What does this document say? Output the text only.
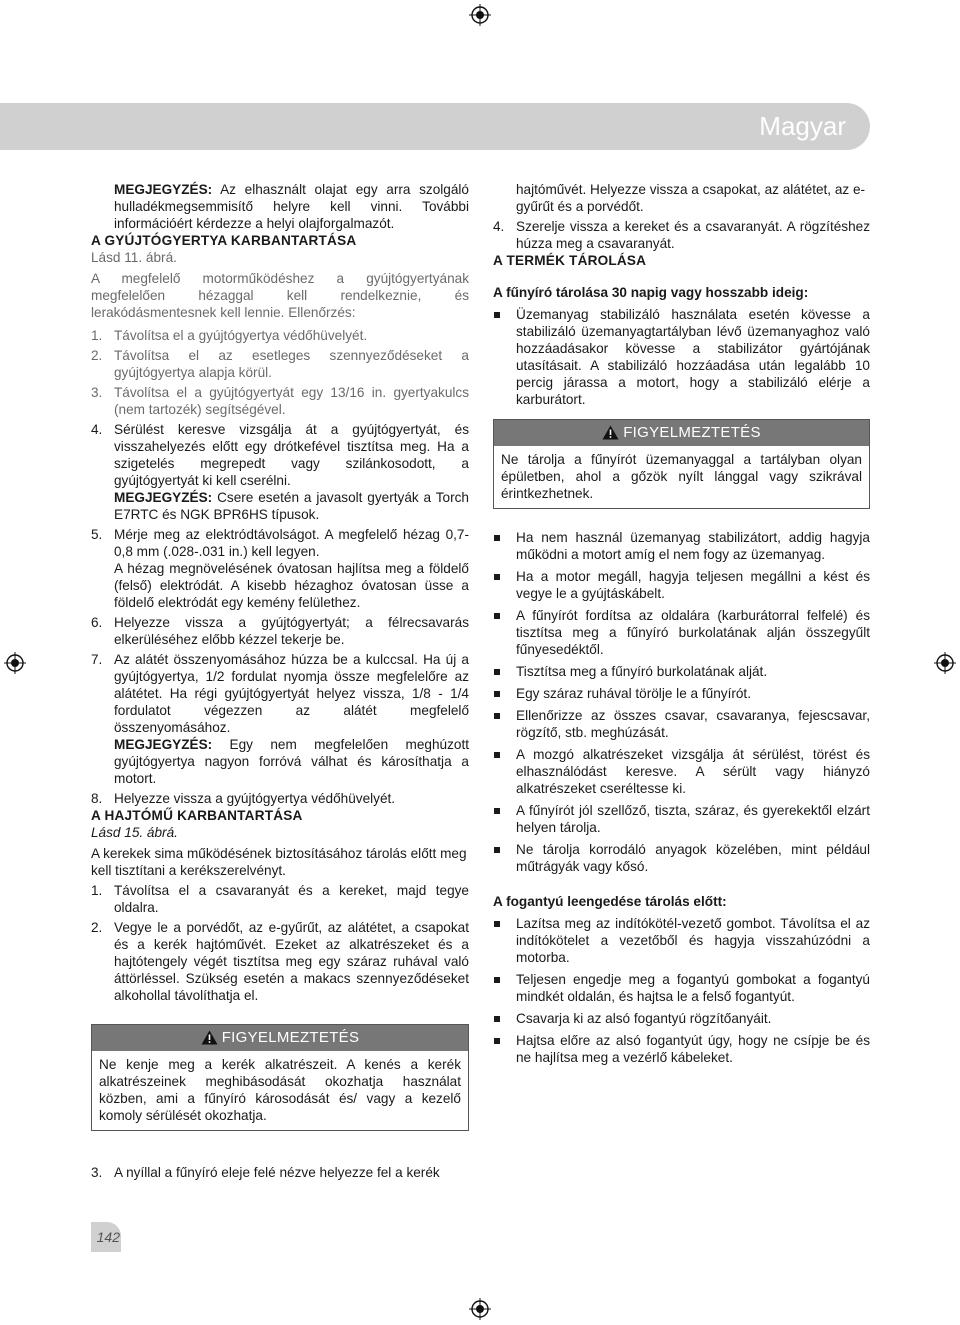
Magyar

MEGJEGYZÉS: Az elhasznált olajat egy arra szolgáló hulladékmegsemmisítő helyre kell vinni. További információért kérdezze a helyi olajforgalmazót.

A GYÚJTÓGYERTYA KARBANTARTÁSA

Lásd 11. ábrá.

A megfelelő motorműködéshez a gyújtógyertyának megfelelően hézaggal kell rendelkeznie, és lerakódásmentesnek kell lennie. Ellenőrzés:

1. Távolítsa el a gyújtógyertya védőhüvelyét.
2. Távolítsa el az esetleges szennyeződéseket a gyújtógyertya alapja körül.
3. Távolítsa el a gyújtógyertyát egy 13/16 in. gyertyakulcs (nem tartozék) segítségével.
4. Sérülést keresve vizsgálja át a gyújtógyertyát, és visszahelyezés előtt egy drótkefével tisztítsa meg. Ha a szigetelés megrepedt vagy szilánkosodott, a gyújtógyertyát ki kell cserélni.

MEGJEGYZÉS: Csere esetén a javasolt gyertyák a Torch E7RTC és NGK BPR6HS típusok.

5. Mérje meg az elektródtávolságot. A megfelelő hézag 0,7-0,8 mm (.028-.031 in.) kell legyen.

A hézag megnövelésének óvatosan hajlítsa meg a földelő (felső) elektródát. A kisebb hézaghoz óvatosan üsse a földelő elektródát egy kemény felülethez.

6. Helyezze vissza a gyújtógyertyát; a félrecsavarás elkerüléséhez előbb kézzel tekerje be.
7. Az alátét összenyomásához húzza be a kulccsal. Ha új a gyújtógyertya, 1/2 fordulat nyomja össze megfelelőre az alátétet. Ha régi gyújtógyertyát helyez vissza, 1/8 - 1/4 fordulatot végezzen az alátét megfelelő összenyomásához.

MEGJEGYZÉS: Egy nem megfelelően meghúzott gyújtógyertya nagyon forróvá válhat és károsíthatja a motort.

8. Helyezze vissza a gyújtógyertya védőhüvelyét.
A HAJTÓMŰ KARBANTARTÁSA

Lásd 15. ábrá.

A kerekek sima működésének biztosításához tárolás előtt meg kell tisztítani a kerékszerelvényt.

1. Távolítsa el a csavaranyát és a kereket, majd tegye oldalra.
2. Vegye le a porvédőt, az e-gyűrűt, az alátétet, a csapokat és a kerék hajtóművét. Ezeket az alkatrészeket és a hajtótengely végét tisztítsa meg egy száraz ruhával való áttörléssel. Szükség esetén a makacs szennyeződéseket alkohollal távolíthatja el.
FIGYELMEZTETÉS
Ne kenje meg a kerék alkatrészeit. A kenés a kerék alkatrészeinek meghibásodását okozhatja használat közben, ami a fűnyíró károsodását és/ vagy a kezelő komoly sérülését okozhatja.
3. A nyíllal a fűnyíró eleje felé nézve helyezze fel a kerék

hajtóművét. Helyezze vissza a csapokat, az alátétet, az e-gyűrűt és a porvédőt.

4. Szerelje vissza a kereket és a csavaranyát. A rögzítéshez húzza meg a csavaranyát.
A TERMÉK TÁROLÁSA
A fűnyíró tárolása 30 napig vagy hosszabb ideig:
Üzemanyag stabilizáló használata esetén kövesse a stabilizáló üzemanyagtartályban lévő üzemanyaghoz való hozzáadásakor kövesse a stabilizátor gyártójának utasításait. A stabilizáló hozzáadása után legalább 10 percig járassa a motort, hogy a stabilizáló elérje a karburátort.
FIGYELMEZTETÉS
Ne tárolja a fűnyírót üzemanyaggal a tartályban olyan épületben, ahol a gőzök nyílt lánggal vagy szikrával érintkezhetnek.
Ha nem használ üzemanyag stabilizátort, addig hagyja működni a motort amíg el nem fogy az üzemanyag.
Ha a motor megáll, hagyja teljesen megállni a kést és vegye le a gyújtáskábelt.
A fűnyírót fordítsa az oldalára (karburátorral felfelé) és tisztítsa meg a fűnyíró burkolatának alján összegyűlt fűnyesedéktől.
Tisztítsa meg a fűnyíró burkolatának alját.
Egy száraz ruhával törölje le a fűnyírót.
Ellenőrizze az összes csavar, csavaranya, fejescsavar, rögzítő, stb. meghúzását.
A mozgó alkatrészeket vizsgálja át sérülést, törést és elhasználódást keresve. A sérült vagy hiányzó alkatrészeket cseréltesse ki.
A fűnyírót jól szellőző, tiszta, száraz, és gyerekektől elzárt helyen tárolja.
Ne tárolja korrodáló anyagok közelében, mint például műtrágyák vagy kősó.
A fogantyú leengedése tárolás előtt:
Lazítsa meg az indítókötél-vezető gombot. Távolítsa el az indítókötelet a vezetőből és hagyja visszahúzódni a motorba.
Teljesen engedje meg a fogantyú gombokat a fogantyú mindkét oldalán, és hajtsa le a felső fogantyút.
Csavarja ki az alsó fogantyú rögzítőanyáit.
Hajtsa előre az alsó fogantyút úgy, hogy ne csípje be és ne hajlítsa meg a vezérlő kábeleket.
142
